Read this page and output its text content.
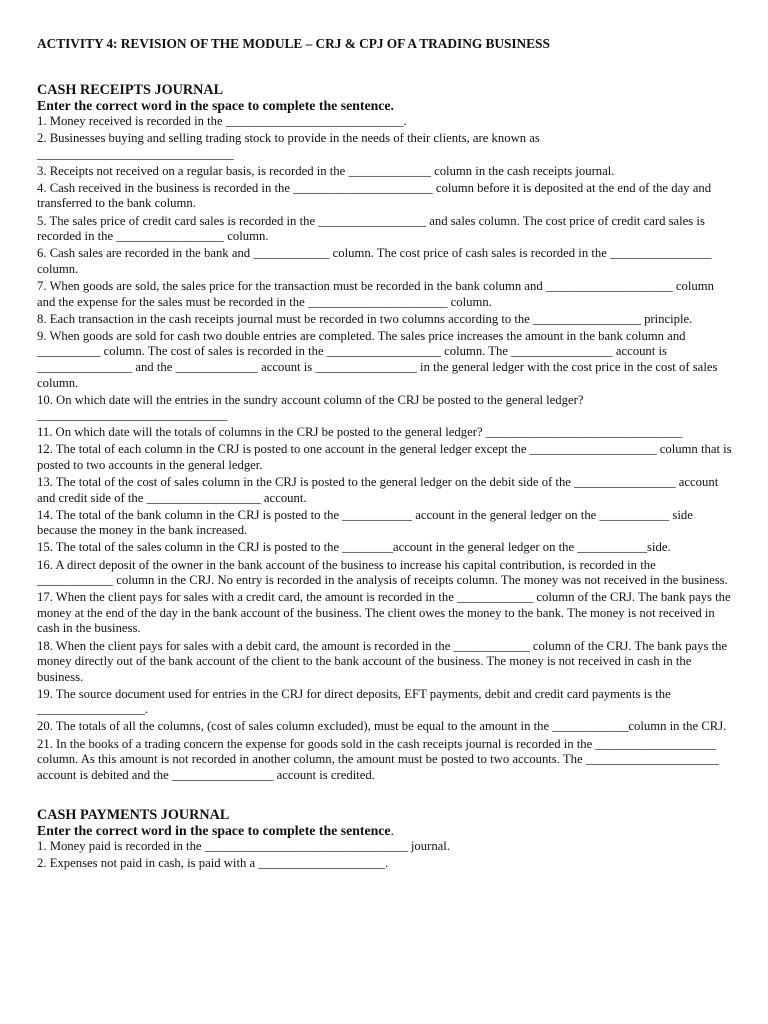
ACTIVITY 4: REVISION OF THE MODULE – CRJ & CPJ OF A TRADING BUSINESS
CASH RECEIPTS JOURNAL
Enter the correct word in the space to complete the sentence.

1. Money received is recorded in the ____________________________.

2. Businesses buying and selling trading stock to provide in the needs of their clients, are known as _______________________________

3. Receipts not received on a regular basis, is recorded in the _____________ column in the cash receipts journal.

4. Cash received in the business is recorded in the ______________________ column before it is deposited at the end of the day and transferred to the bank column.

5. The sales price of credit card sales is recorded in the _________________ and sales column. The cost price of credit card sales is recorded in the _________________ column.

6. Cash sales are recorded in the bank and ____________ column. The cost price of cash sales is recorded in the ________________ column.

7. When goods are sold, the sales price for the transaction must be recorded in the bank column and ____________________ column and the expense for the sales must be recorded in the ______________________ column.

8. Each transaction in the cash receipts journal must be recorded in two columns according to the _________________ principle.

9. When goods are sold for cash two double entries are completed. The sales price increases the amount in the bank column and __________ column. The cost of sales is recorded in the __________________ column. The ________________ account is _______________ and the _____________ account is ________________ in the general ledger with the cost price in the cost of sales column.

10. On which date will the entries in the sundry account column of the CRJ be posted to the general ledger? ______________________________

11. On which date will the totals of columns in the CRJ be posted to the general ledger? _______________________________

12. The total of each column in the CRJ is posted to one account in the general ledger except the ____________________ column that is posted to two accounts in the general ledger.

13. The total of the cost of sales column in the CRJ is posted to the general ledger on the debit side of the ________________ account and credit side of the __________________ account.

14. The total of the bank column in the CRJ is posted to the ___________ account in the general ledger on the ___________ side because the money in the bank increased.

15. The total of the sales column in the CRJ is posted to the ________account in the general ledger on the ___________side.

16. A direct deposit of the owner in the bank account of the business to increase his capital contribution, is recorded in the ____________ column in the CRJ. No entry is recorded in the analysis of receipts column. The money was not received in the business.

17. When the client pays for sales with a credit card, the amount is recorded in the ____________ column of the CRJ. The bank pays the money at the end of the day in the bank account of the business. The client owes the money to the bank. The money is not received in cash in the business.

18. When the client pays for sales with a debit card, the amount is recorded in the ____________ column of the CRJ. The bank pays the money directly out of the bank account of the client to the bank account of the business. The money is not received in cash in the business.

19. The source document used for entries in the CRJ for direct deposits, EFT payments, debit and credit card payments is the _________________.

20. The totals of all the columns, (cost of sales column excluded), must be equal to the amount in the ____________column in the CRJ.

21. In the books of a trading concern the expense for goods sold in the cash receipts journal is recorded in the ___________________ column. As this amount is not recorded in another column, the amount must be posted to two accounts. The _____________________ account is debited and the ________________ account is credited.

CASH PAYMENTS JOURNAL
Enter the correct word in the space to complete the sentence.

1. Money paid is recorded in the ________________________________ journal.

2. Expenses not paid in cash, is paid with a ____________________.
